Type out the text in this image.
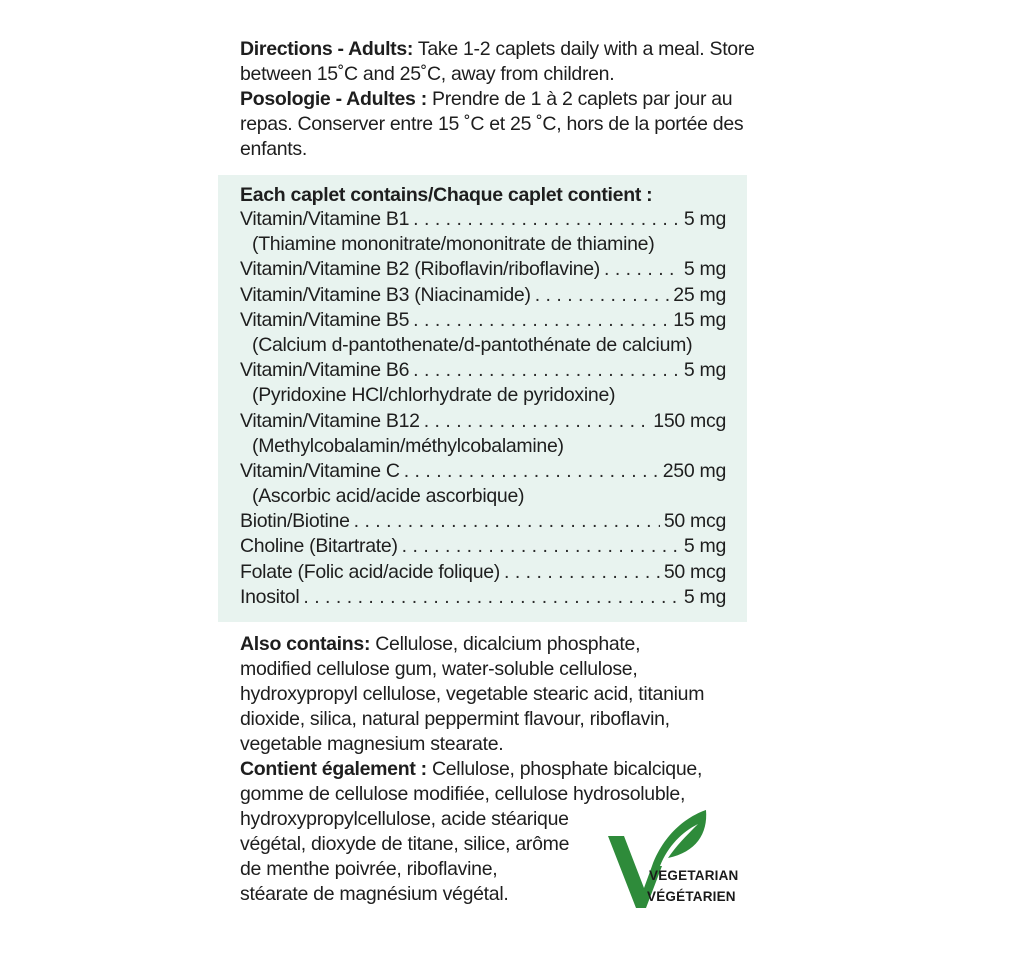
Directions - Adults: Take 1-2 caplets daily with a meal. Store between 15˚C and 25˚C, away from children.

Posologie - Adultes : Prendre de 1 à 2 caplets par jour au repas. Conserver entre 15 ˚C et 25 ˚C, hors de la portée des enfants.

Each caplet contains/Chaque caplet contient :
Vitamin/Vitamine B1 . . .	5 mg
(Thiamine mononitrate/mononitrate de thiamine)
Vitamin/Vitamine B2 (Riboflavin/riboflavine) . . .	5 mg
Vitamin/Vitamine B3 (Niacinamide) . . .	25 mg
Vitamin/Vitamine B5 . . .	15 mg
(Calcium d-pantothenate/d-pantothénate de calcium)
Vitamin/Vitamine B6 . . .	5 mg
(Pyridoxine HCl/chlorhydrate de pyridoxine)
Vitamin/Vitamine B12 . . .	150 mcg
(Methylcobalamin/méthylcobalamine)
Vitamin/Vitamine C . . .	250 mg
(Ascorbic acid/acide ascorbique)
Biotin/Biotine . . .	50 mcg
Choline (Bitartrate) . . .	5 mg
Folate (Folic acid/acide folique) . . .	50 mcg
Inositol . . .	5 mg

Also contains: Cellulose, dicalcium phosphate, modified cellulose gum, water-soluble cellulose, hydroxypropyl cellulose, vegetable stearic acid, titanium dioxide, silica, natural peppermint flavour, riboflavin, vegetable magnesium stearate.

Contient également : Cellulose, phosphate bicalcique, gomme de cellulose modifiée, cellulose hydrosoluble,

hydroxypropylcellulose, acide stéarique végétal, dioxyde de titane, silice, arôme de menthe poivrée, riboflavine, stéarate de magnésium végétal.

VEGETARIAN
VÉGÉTARIEN
